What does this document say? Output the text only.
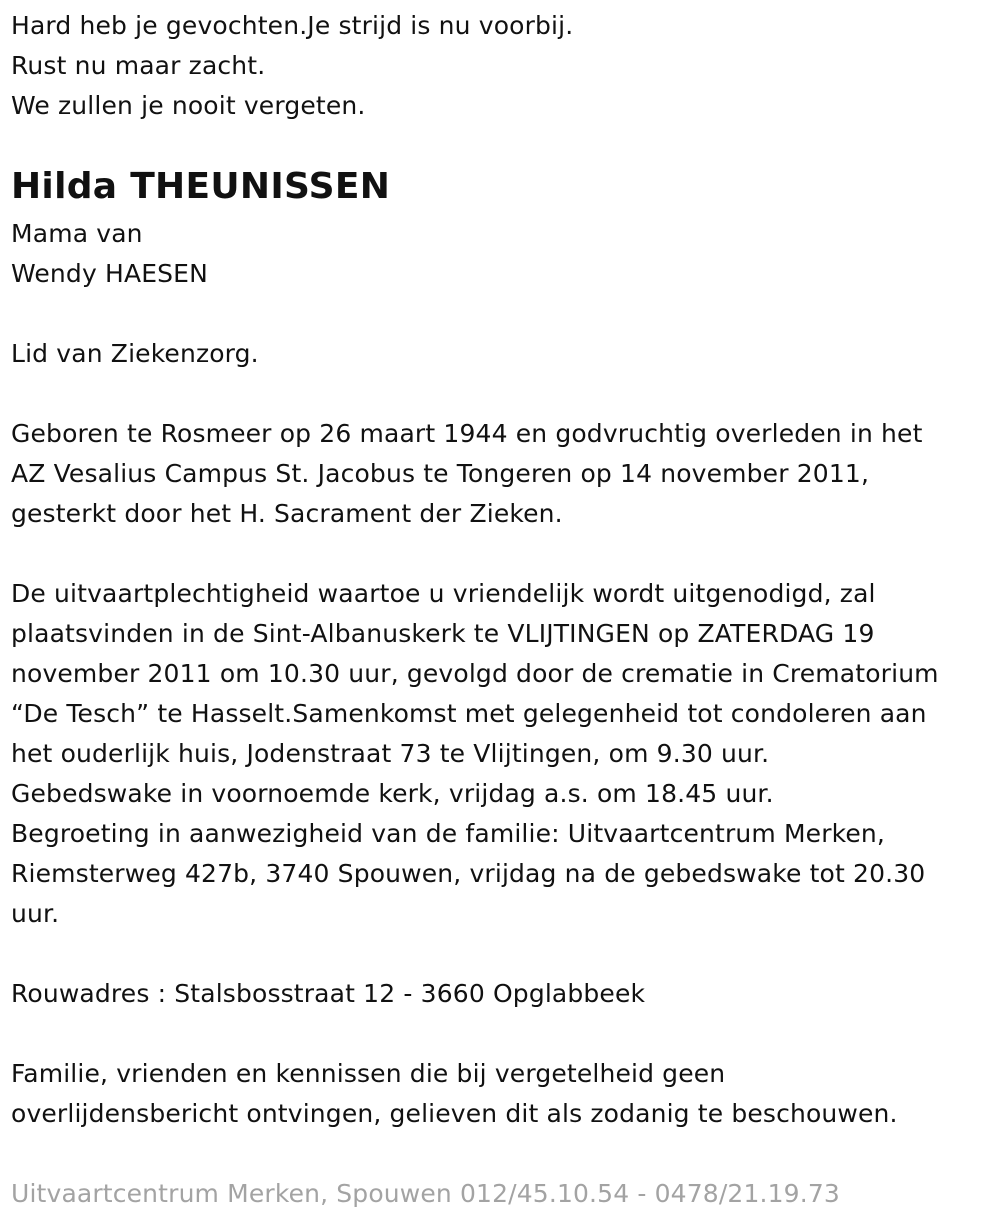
Hard heb je gevochten.Je strijd is nu voorbij.
Rust nu maar zacht.
We zullen je nooit vergeten.
Hilda THEUNISSEN
Mama van
Wendy HAESEN
Lid van Ziekenzorg.
Geboren te Rosmeer op 26 maart 1944 en godvruchtig overleden in het
AZ Vesalius Campus St. Jacobus te Tongeren op 14 november 2011,
gesterkt door het H. Sacrament der Zieken.
De uitvaartplechtigheid waartoe u vriendelijk wordt uitgenodigd, zal
plaatsvinden in de Sint-Albanuskerk te VLIJTINGEN op ZATERDAG 19
november 2011 om 10.30 uur, gevolgd door de crematie in Crematorium
“De Tesch” te Hasselt.Samenkomst met gelegenheid tot condoleren aan
het ouderlijk huis, Jodenstraat 73 te Vlijtingen, om 9.30 uur.
Gebedswake in voornoemde kerk, vrijdag a.s. om 18.45 uur.
Begroeting in aanwezigheid van de familie: Uitvaartcentrum Merken,
Riemsterweg 427b, 3740 Spouwen, vrijdag na de gebedswake tot 20.30
uur.
Rouwadres : Stalsbosstraat 12 - 3660 Opglabbeek
Familie, vrienden en kennissen die bij vergetelheid geen
overlijdensbericht ontvingen, gelieven dit als zodanig te beschouwen.
Uitvaartcentrum Merken, Spouwen 012/45.10.54 - 0478/21.19.73
